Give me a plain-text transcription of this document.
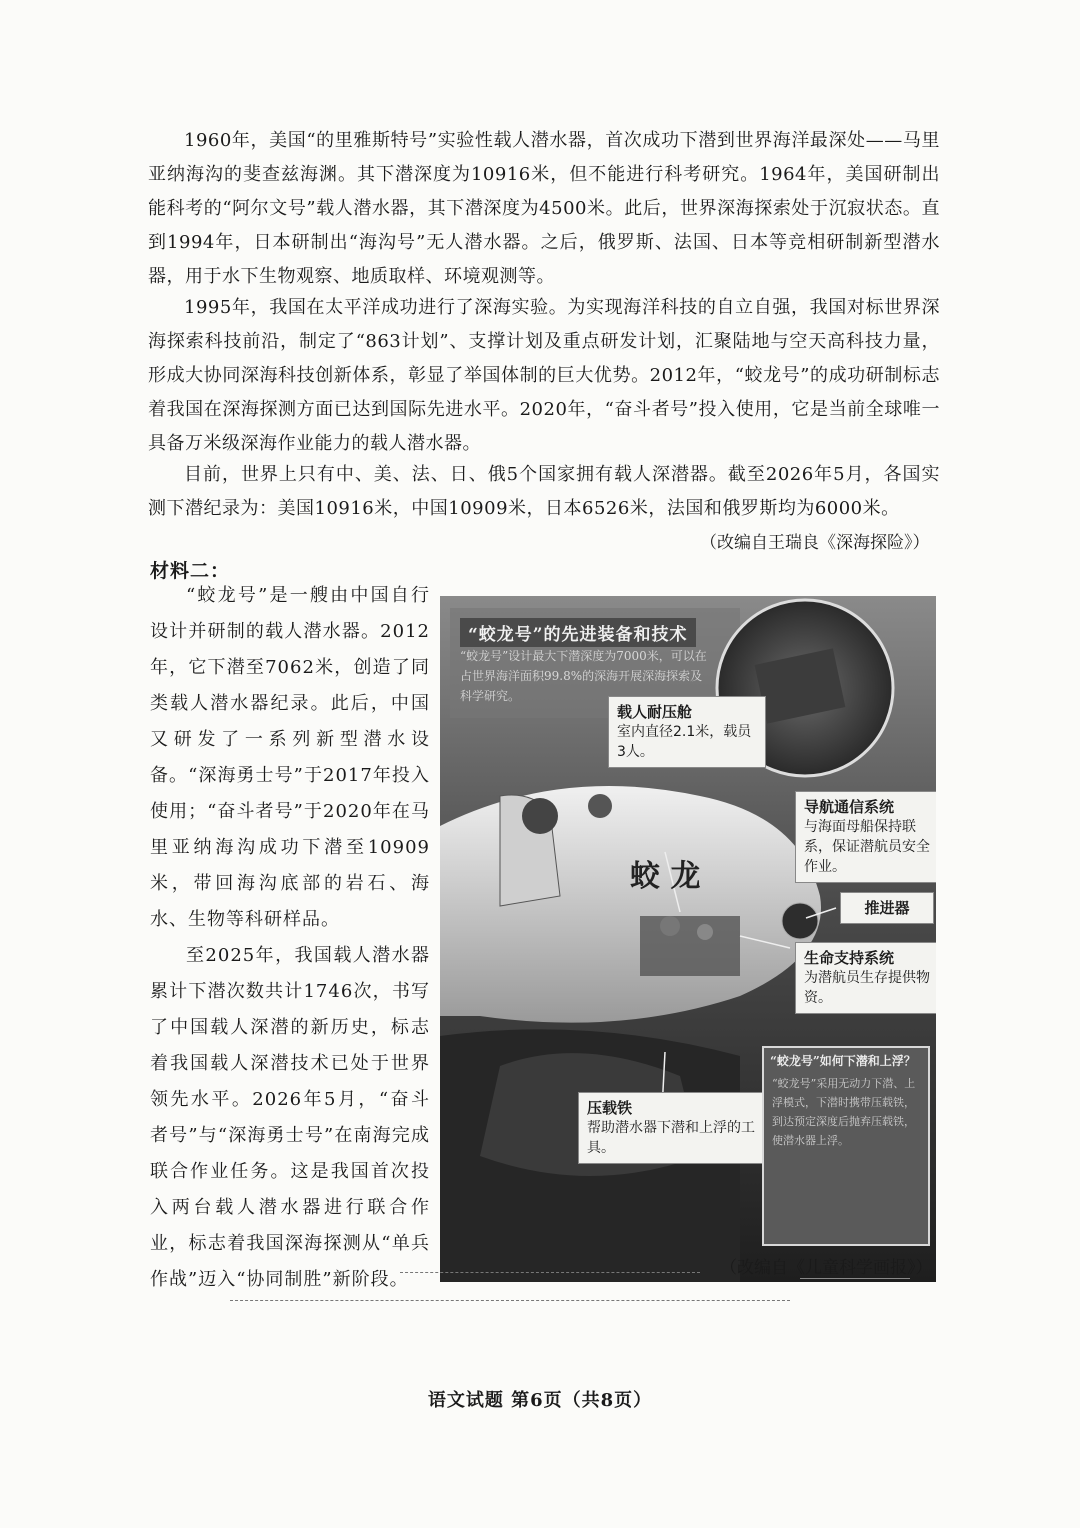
1960年，美国“的里雅斯特号”实验性载人潜水器，首次成功下潜到世界海洋最深处——马里亚纳海沟的斐查兹海渊。其下潜深度为10916米，但不能进行科考研究。1964年，美国研制出能科考的“阿尔文号”载人潜水器，其下潜深度为4500米。此后，世界深海探索处于沉寂状态。直到1994年，日本研制出“海沟号”无人潜水器。之后，俄罗斯、法国、日本等竞相研制新型潜水器，用于水下生物观察、地质取样、环境观测等。

1995年，我国在太平洋成功进行了深海实验。为实现海洋科技的自立自强，我国对标世界深海探索科技前沿，制定了“863计划”、支撑计划及重点研发计划，汇聚陆地与空天高科技力量，形成大协同深海科技创新体系，彰显了举国体制的巨大优势。2012年，“蛟龙号”的成功研制标志着我国在深海探测方面已达到国际先进水平。2020年，“奋斗者号”投入使用，它是当前全球唯一具备万米级深海作业能力的载人潜水器。

目前，世界上只有中、美、法、日、俄5个国家拥有载人深潜器。截至2026年5月，各国实测下潜纪录为：美国10916米，中国10909米，日本6526米，法国和俄罗斯均为6000米。

（改编自王瑞良《深海探险》）
材料二：

“蛟龙号”是一艘由中国自行设计并研制的载人潜水器。2012年，它下潜至7062米，创造了同类载人潜水器纪录。此后，中国又研发了一系列新型潜水设备。“深海勇士号”于2017年投入使用；“奋斗者号”于2020年在马里亚纳海沟成功下潜至10909米，带回海沟底部的岩石、海水、生物等科研样品。

至2025年，我国载人潜水器累计下潜次数共计1746次，书写了中国载人深潜的新历史，标志着我国载人深潜技术已处于世界领先水平。2026年5月，“奋斗者号”与“深海勇士号”在南海完成联合作业任务。这是我国首次投入两台载人潜水器进行联合作业，标志着我国深海探测从“单兵作战”迈入“协同制胜”新阶段。

蛟 龙
“蛟龙号”的先进装备和技术
“蛟龙号”设计最大下潜深度为7000米，可以在占世界海洋面积99.8%的深海开展深海探索及科学研究。
载人耐压舱
室内直径2.1米，载员3人。
导航通信系统
与海面母船保持联系，保证潜航员安全作业。
推进器
生命支持系统
为潜航员生存提供物资。
压载铁
帮助潜水器下潜和上浮的工具。
“蛟龙号”如何下潜和上浮？
“蛟龙号”采用无动力下潜、上浮模式，下潜时携带压载铁，到达预定深度后抛弃压载铁，使潜水器上浮。
（改编自《儿童科学画报》）
语文试题 第6页（共8页）
